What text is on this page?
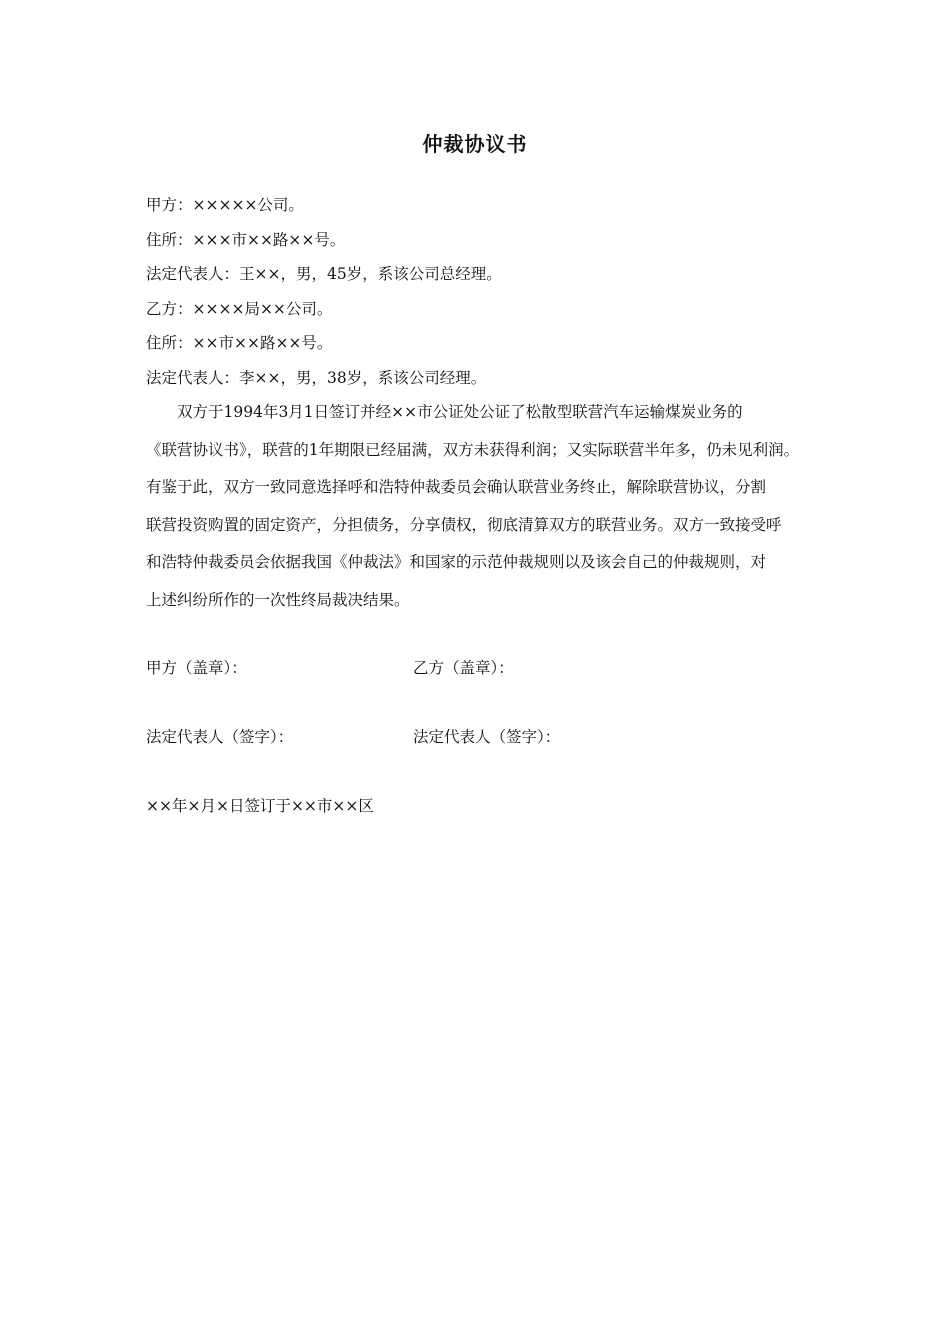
仲裁协议书
甲方：×××××公司。
住所：×××市××路××号。
法定代表人：王××，男，45岁，系该公司总经理。
乙方：××××局××公司。
住所：××市××路××号。
法定代表人：李××，男，38岁，系该公司经理。
双方于1994年3月1日签订并经××市公证处公证了松散型联营汽车运输煤炭业务的
《联营协议书》，联营的1年期限已经届满，双方未获得利润；又实际联营半年多，仍未见利润。
有鉴于此，双方一致同意选择呼和浩特仲裁委员会确认联营业务终止，解除联营协议，分割
联营投资购置的固定资产，分担债务，分享债权，彻底清算双方的联营业务。双方一致接受呼
和浩特仲裁委员会依据我国《仲裁法》和国家的示范仲裁规则以及该会自己的仲裁规则，对
上述纠纷所作的一次性终局裁决结果。
甲方（盖章）：	乙方（盖章）：
法定代表人（签字）：	法定代表人（签字）：
××年×月×日签订于××市××区
